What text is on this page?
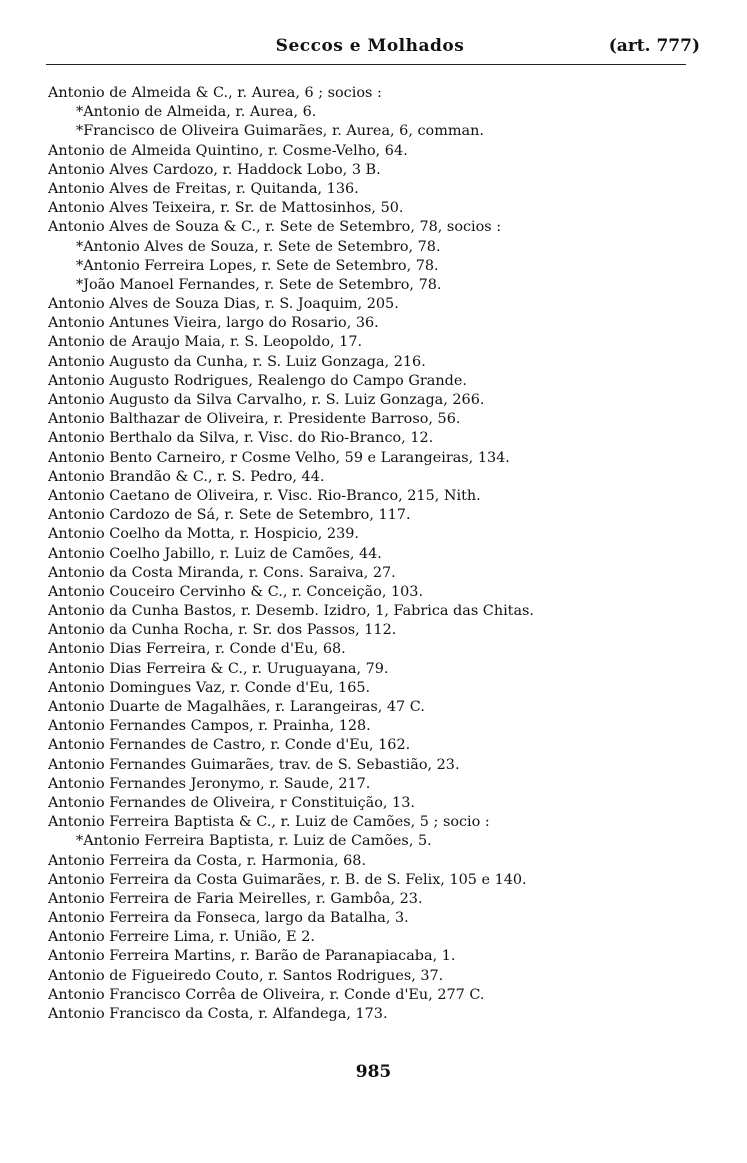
Seccos e Molhados	(art. 777)
Antonio de Almeida & C., r. Aurea, 6 ; socios :
*Antonio de Almeida, r. Aurea, 6.
*Francisco de Oliveira Guimarães, r. Aurea, 6, comman.
Antonio de Almeida Quintino, r. Cosme-Velho, 64.
Antonio Alves Cardozo, r. Haddock Lobo, 3 B.
Antonio Alves de Freitas, r. Quitanda, 136.
Antonio Alves Teixeira, r. Sr. de Mattosinhos, 50.
Antonio Alves de Souza & C., r. Sete de Setembro, 78, socios :
*Antonio Alves de Souza, r. Sete de Setembro, 78.
*Antonio Ferreira Lopes, r. Sete de Setembro, 78.
*João Manoel Fernandes, r. Sete de Setembro, 78.
Antonio Alves de Souza Dias, r. S. Joaquim, 205.
Antonio Antunes Vieira, largo do Rosario, 36.
Antonio de Araujo Maia, r. S. Leopoldo, 17.
Antonio Augusto da Cunha, r. S. Luiz Gonzaga, 216.
Antonio Augusto Rodrigues, Realengo do Campo Grande.
Antonio Augusto da Silva Carvalho, r. S. Luiz Gonzaga, 266.
Antonio Balthazar de Oliveira, r. Presidente Barroso, 56.
Antonio Berthalo da Silva, r. Visc. do Rio-Branco, 12.
Antonio Bento Carneiro, r Cosme Velho, 59 e Larangeiras, 134.
Antonio Brandão & C., r. S. Pedro, 44.
Antonio Caetano de Oliveira, r. Visc. Rio-Branco, 215, Nith.
Antonio Cardozo de Sá, r. Sete de Setembro, 117.
Antonio Coelho da Motta, r. Hospicio, 239.
Antonio Coelho Jabillo, r. Luiz de Camões, 44.
Antonio da Costa Miranda, r. Cons. Saraiva, 27.
Antonio Couceiro Cervinho & C., r. Conceição, 103.
Antonio da Cunha Bastos, r. Desemb. Izidro, 1, Fabrica das Chitas.
Antonio da Cunha Rocha, r. Sr. dos Passos, 112.
Antonio Dias Ferreira, r. Conde d'Eu, 68.
Antonio Dias Ferreira & C., r. Uruguayana, 79.
Antonio Domingues Vaz, r. Conde d'Eu, 165.
Antonio Duarte de Magalhães, r. Larangeiras, 47 C.
Antonio Fernandes Campos, r. Prainha, 128.
Antonio Fernandes de Castro, r. Conde d'Eu, 162.
Antonio Fernandes Guimarães, trav. de S. Sebastião, 23.
Antonio Fernandes Jeronymo, r. Saude, 217.
Antonio Fernandes de Oliveira, r Constituição, 13.
Antonio Ferreira Baptista & C., r. Luiz de Camões, 5 ; socio :
*Antonio Ferreira Baptista, r. Luiz de Camões, 5.
Antonio Ferreira da Costa, r. Harmonia, 68.
Antonio Ferreira da Costa Guimarães, r. B. de S. Felix, 105 e 140.
Antonio Ferreira de Faria Meirelles, r. Gambôa, 23.
Antonio Ferreira da Fonseca, largo da Batalha, 3.
Antonio Ferreire Lima, r. União, E 2.
Antonio Ferreira Martins, r. Barão de Paranapiacaba, 1.
Antonio de Figueiredo Couto, r. Santos Rodrigues, 37.
Antonio Francisco Corrêa de Oliveira, r. Conde d'Eu, 277 C.
Antonio Francisco da Costa, r. Alfandega, 173.
985
